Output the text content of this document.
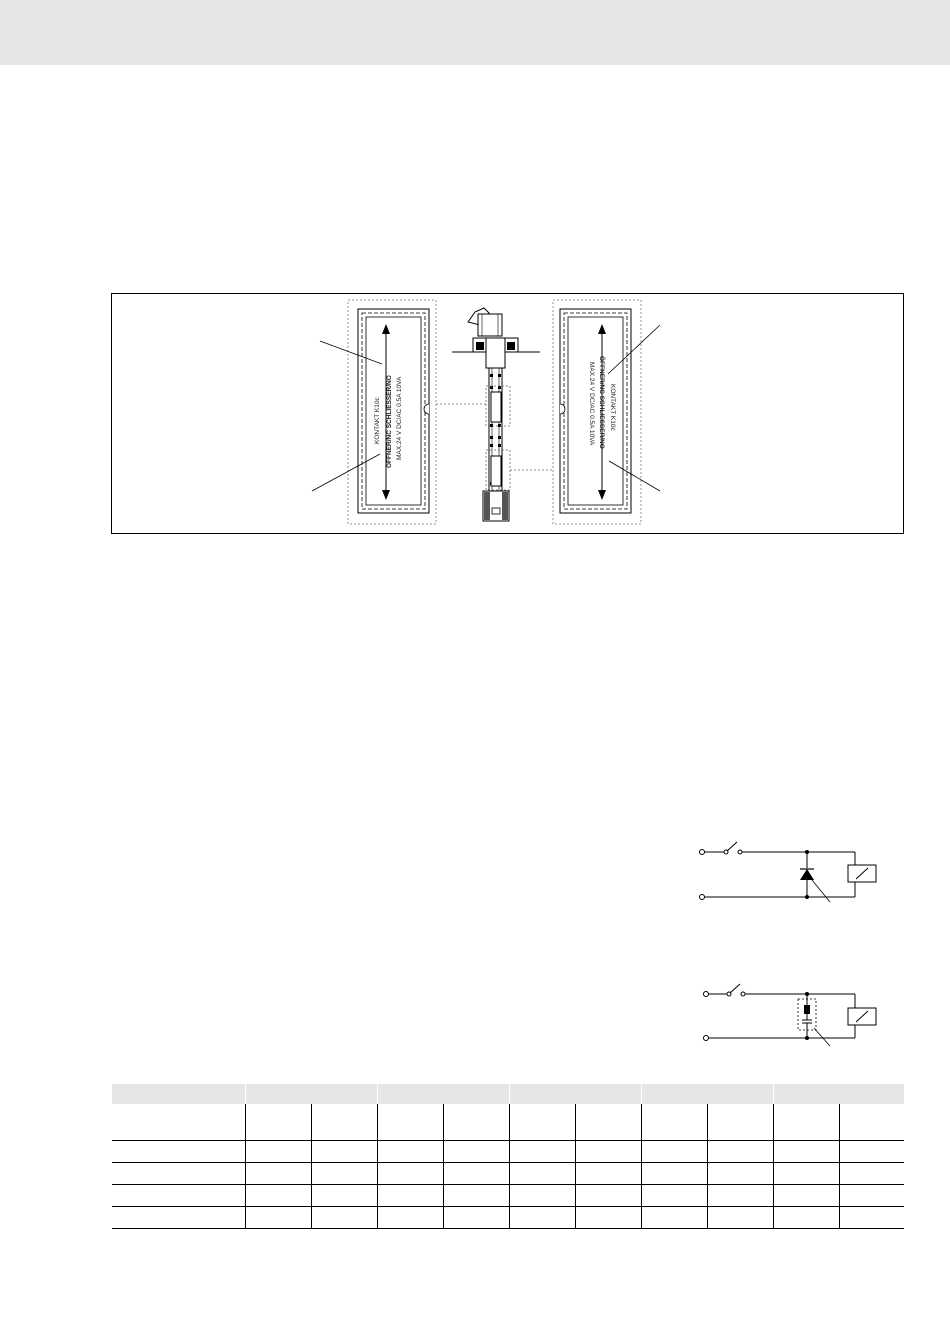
KONTAKT K10c ÖFFNER/NC SCHLIESSER/NO MAX.24 V DC/AC 0.5A 10VA	KONTAKT K10c
ÖFFNER/NC SCHLIESSER/NO
MAX.24 V DC/AC 0.5A 10VA
